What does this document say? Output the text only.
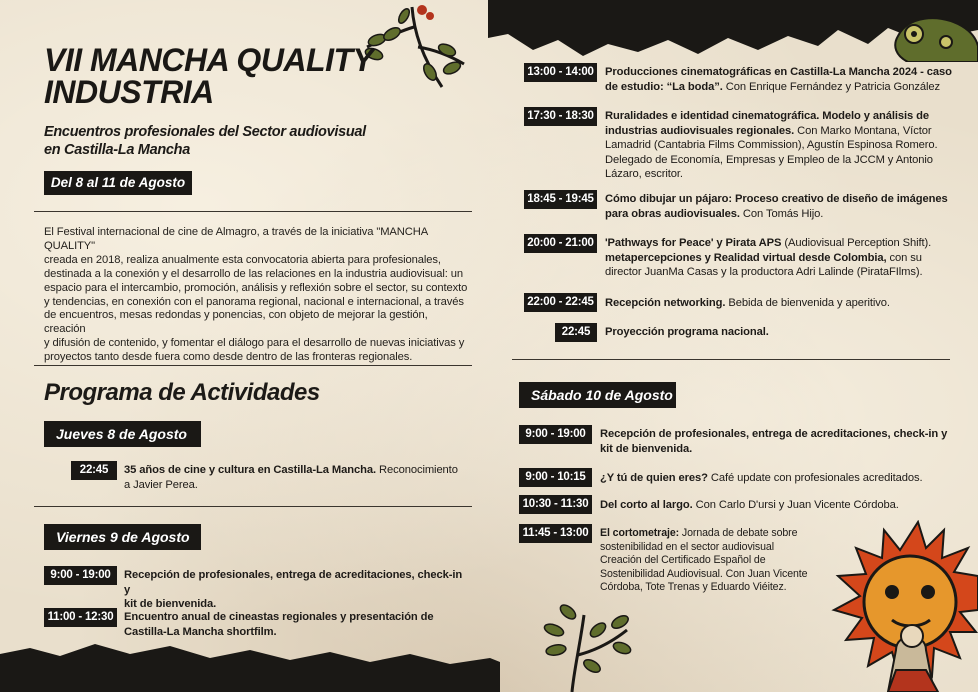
VII MANCHA QUALITY
INDUSTRIA
Encuentros profesionales del Sector audiovisual
en Castilla-La Mancha
Del 8 al 11 de Agosto
El Festival internacional de cine de Almagro, a través de la iniciativa "MANCHA QUALITY"
creada en 2018, realiza anualmente esta convocatoria abierta para profesionales,
destinada a la conexión y el desarrollo de las relaciones en la industria audiovisual: un
espacio para el intercambio, promoción, análisis y reflexión sobre el sector, su contexto
y tendencias, en conexión con el panorama regional, nacional e internacional, a través
de encuentros, mesas redondas y ponencias, con objeto de mejorar la gestión, creación
y difusión de contenido, y fomentar el diálogo para el desarrollo de nuevas iniciativas y
proyectos tanto desde fuera como desde dentro de las fronteras regionales.
Programa de Actividades
Jueves 8 de Agosto
22:45	35 años de cine y cultura en Castilla-La Mancha. Reconocimiento
a Javier Perea.
Viernes 9 de Agosto
9:00 - 19:00	Recepción de profesionales, entrega de acreditaciones, check-in y
kit de bienvenida.
11:00 - 12:30 Encuentro anual de cineastas regionales y presentación de
Castilla-La Mancha shortfilm.
13:00 - 14:00 Producciones cinematográficas en Castilla-La Mancha 2024 - caso
de estudio: “La boda”. Con Enrique Fernández y Patricia González
17:30 - 18:30 Ruralidades e identidad cinematográfica. Modelo y análisis de
industrias audiovisuales regionales. Con Marko Montana, Víctor
Lamadrid (Cantabria Films Commission), Agustín Espinosa Romero.
Delegado de Economía, Empresas y Empleo de la JCCM y Antonio
Lázaro, escritor.
18:45 - 19:45 Cómo dibujar un pájaro: Proceso creativo de diseño de imágenes
para obras audiovisuales. Con Tomás Hijo.
20:00 - 21:00 'Pathways for Peace' y Pirata APS (Audiovisual Perception Shift).
metapercepciones y Realidad virtual desde Colombia, con su
director JuanMa Casas y la productora Adri Lalinde (PirataFIlms).
22:00 - 22:45 Recepción networking. Bebida de bienvenida y aperitivo.
22:45	Proyección programa nacional.
Sábado 10 de Agosto
9:00 - 19:00	Recepción de profesionales, entrega de acreditaciones, check-in y
kit de bienvenida.
9:00 - 10:15	¿Y tú de quien eres? Café update con profesionales acreditados.
10:30 - 11:30	Del corto al largo. Con Carlo D'ursi y Juan Vicente Córdoba.
11:45 - 13:00	El cortometraje: Jornada de debate sobre
sostenibilidad en el sector audiovisual
Creación del Certificado Español de
Sostenibilidad Audiovisual. Con Juan Vicente
Córdoba, Tote Trenas y Eduardo Viéitez.
